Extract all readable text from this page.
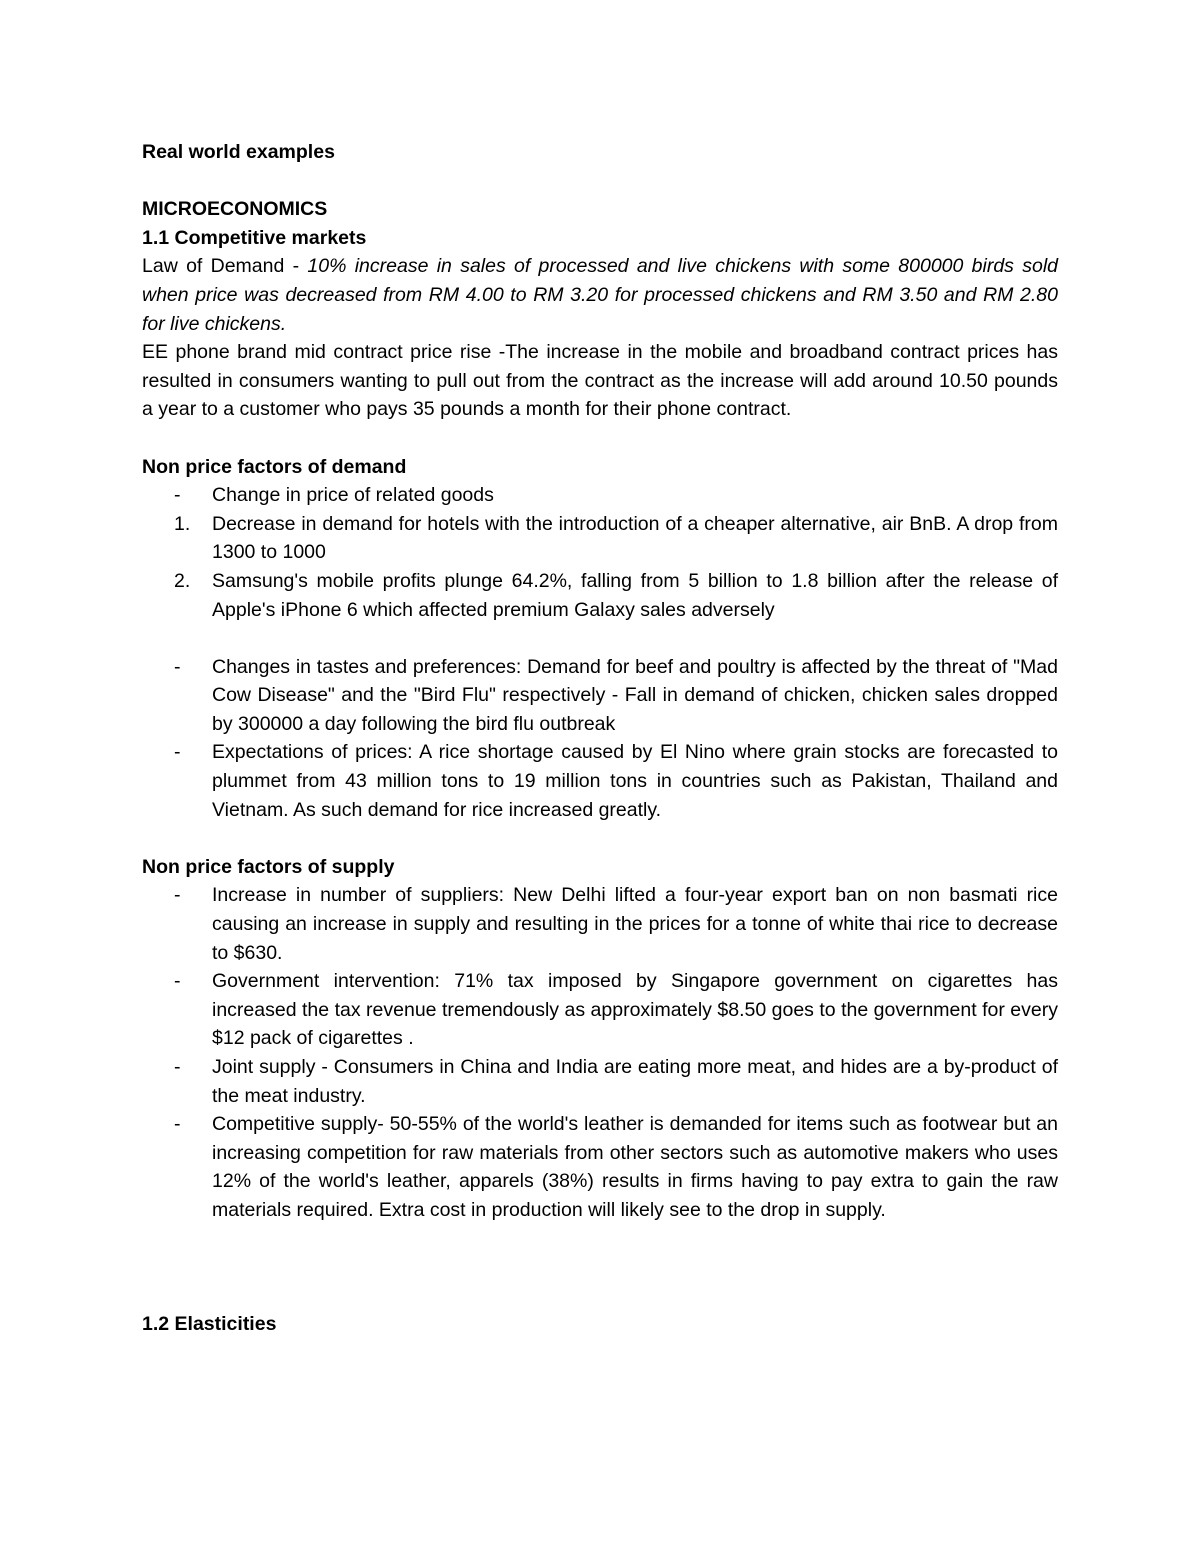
Real world examples

MICROECONOMICS

1.1 Competitive markets

Law of Demand - 10% increase in sales of processed and live chickens with some 800000 birds sold when price was decreased from RM 4.00 to RM 3.20 for processed chickens and RM 3.50 and RM 2.80 for live chickens.

EE phone brand mid contract price rise -The increase in the mobile and broadband contract prices has resulted in consumers wanting to pull out from the contract as the increase will add around 10.50 pounds a year to a customer who pays 35 pounds a month for their phone contract.

Non price factors of demand

-	Change in price of related goods
1.	Decrease in demand for hotels with the introduction of a cheaper alternative, air BnB. A drop from 1300 to 1000
2.	Samsung's mobile profits plunge 64.2%, falling from 5 billion to 1.8 billion after the release of Apple's iPhone 6 which affected premium Galaxy sales adversely
-	Changes in tastes and preferences: Demand for beef and poultry is affected by the threat of "Mad Cow Disease" and the "Bird Flu" respectively - Fall in demand of chicken, chicken sales dropped by 300000 a day following the bird flu outbreak
-	Expectations of prices: A rice shortage caused by El Nino where grain stocks are forecasted to plummet from 43 million tons to 19 million tons in countries such as Pakistan, Thailand and Vietnam. As such demand for rice increased greatly.

Non price factors of supply

-	Increase in number of suppliers: New Delhi lifted a four-year export ban on non basmati rice causing an increase in supply and resulting in the prices for a tonne of white thai rice to decrease to $630.
-	Government intervention: 71% tax imposed by Singapore government on cigarettes has increased the tax revenue tremendously as approximately $8.50 goes to the government for every $12 pack of cigarettes .
-	Joint supply - Consumers in China and India are eating more meat, and hides are a by-product of the meat industry.
-	Competitive supply- 50-55% of the world's leather is demanded for items such as footwear but an increasing competition for raw materials from other sectors such as automotive makers who uses 12% of the world's leather, apparels (38%) results in firms having to pay extra to gain the raw materials required. Extra cost in production will likely see to the drop in supply.

1.2 Elasticities
